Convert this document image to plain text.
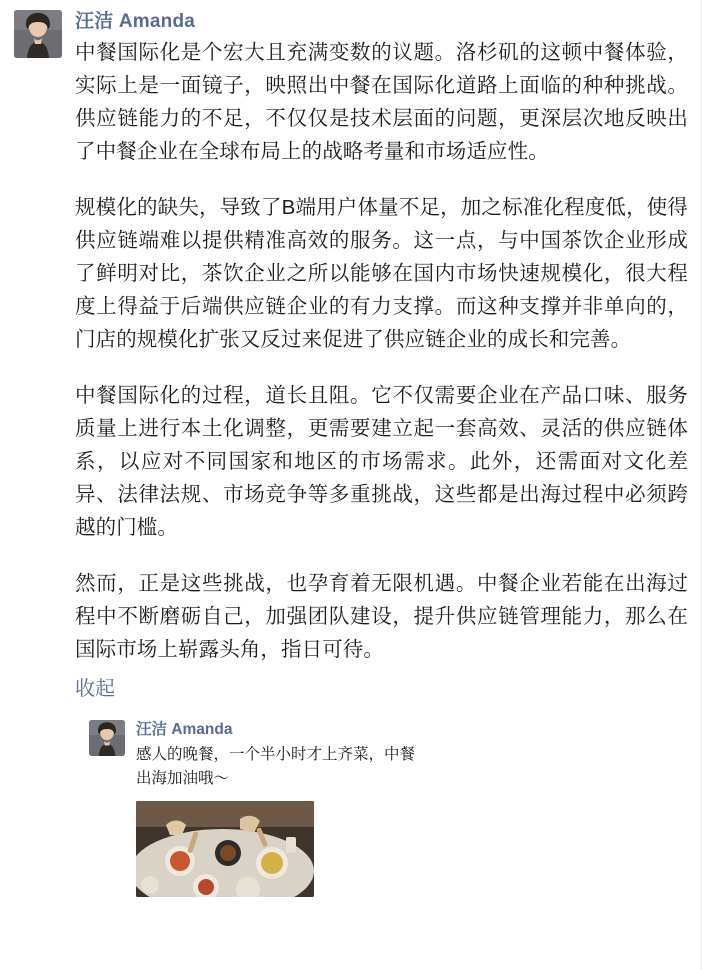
汪洁 Amanda

中餐国际化是个宏大且充满变数的议题。洛杉矶的这顿中餐体验，实际上是一面镜子，映照出中餐在国际化道路上面临的种种挑战。供应链能力的不足，不仅仅是技术层面的问题，更深层次地反映出了中餐企业在全球布局上的战略考量和市场适应性。

规模化的缺失，导致了B端用户体量不足，加之标准化程度低，使得供应链端难以提供精准高效的服务。这一点，与中国茶饮企业形成了鲜明对比，茶饮企业之所以能够在国内市场快速规模化，很大程度上得益于后端供应链企业的有力支撑。而这种支撑并非单向的，门店的规模化扩张又反过来促进了供应链企业的成长和完善。

中餐国际化的过程，道长且阻。它不仅需要企业在产品口味、服务质量上进行本土化调整，更需要建立起一套高效、灵活的供应链体系，以应对不同国家和地区的市场需求。此外，还需面对文化差异、法律法规、市场竞争等多重挑战，这些都是出海过程中必须跨越的门槛。

然而，正是这些挑战，也孕育着无限机遇。中餐企业若能在出海过程中不断磨砺自己，加强团队建设，提升供应链管理能力，那么在国际市场上崭露头角，指日可待。

收起
汪洁 Amanda

感人的晚餐，一个半小时才上齐菜，中餐

出海加油哦～
